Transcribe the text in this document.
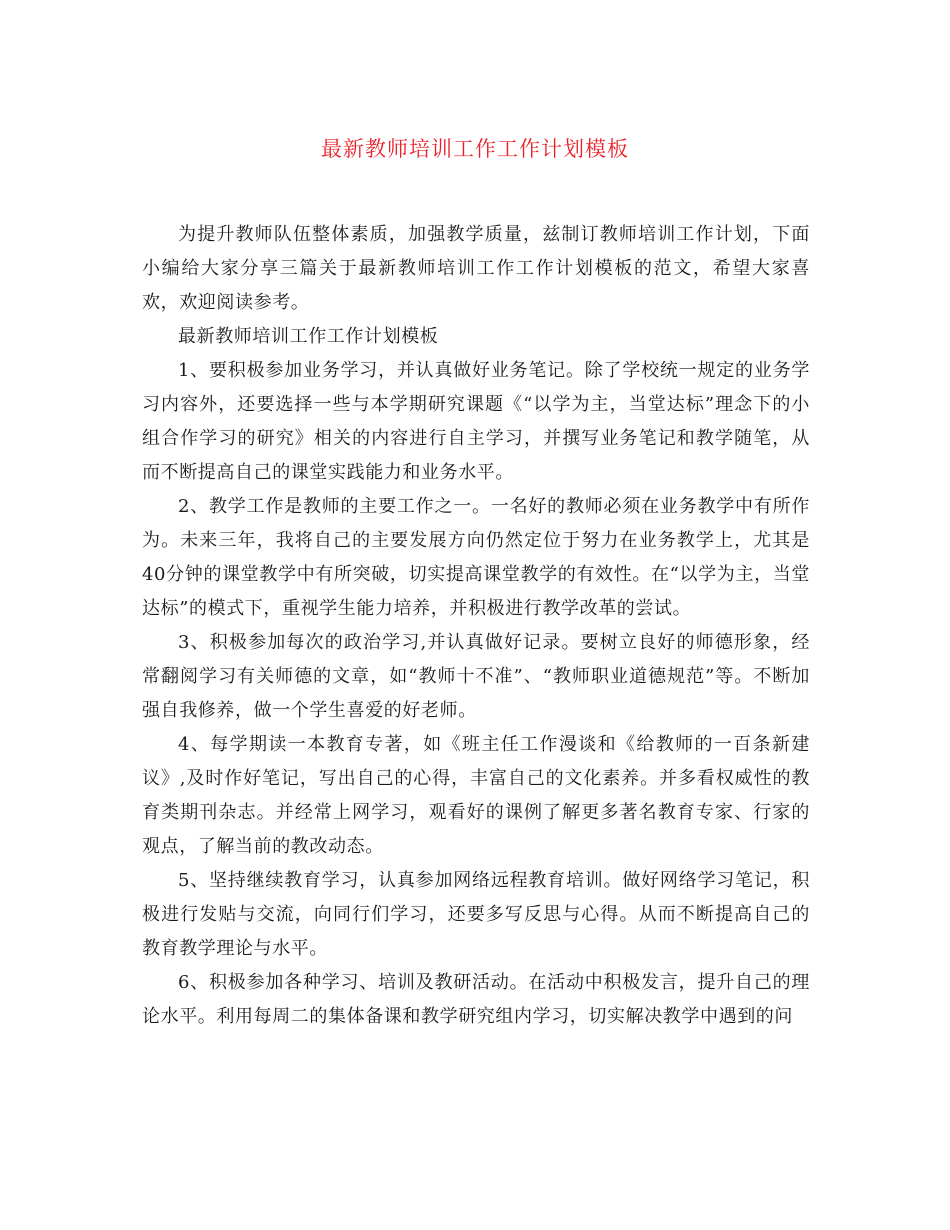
最新教师培训工作工作计划模板

为提升教师队伍整体素质，加强教学质量，兹制订教师培训工作计划，下面小编给大家分享三篇关于最新教师培训工作工作计划模板的范文，希望大家喜欢，欢迎阅读参考。

最新教师培训工作工作计划模板

1、要积极参加业务学习，并认真做好业务笔记。除了学校统一规定的业务学习内容外，还要选择一些与本学期研究课题《“以学为主，当堂达标”理念下的小组合作学习的研究》相关的内容进行自主学习，并撰写业务笔记和教学随笔，从而不断提高自己的课堂实践能力和业务水平。

2、教学工作是教师的主要工作之一。一名好的教师必须在业务教学中有所作为。未来三年，我将自己的主要发展方向仍然定位于努力在业务教学上，尤其是40分钟的课堂教学中有所突破，切实提高课堂教学的有效性。在“以学为主，当堂达标”的模式下，重视学生能力培养，并积极进行教学改革的尝试。

3、积极参加每次的政治学习,并认真做好记录。要树立良好的师德形象，经常翻阅学习有关师德的文章，如“教师十不准”、“教师职业道德规范”等。不断加强自我修养，做一个学生喜爱的好老师。

4、每学期读一本教育专著，如《班主任工作漫谈和《给教师的一百条新建议》,及时作好笔记，写出自己的心得，丰富自己的文化素养。并多看权威性的教育类期刊杂志。并经常上网学习，观看好的课例了解更多著名教育专家、行家的观点，了解当前的教改动态。

5、坚持继续教育学习，认真参加网络远程教育培训。做好网络学习笔记，积极进行发贴与交流，向同行们学习，还要多写反思与心得。从而不断提高自己的教育教学理论与水平。

6、积极参加各种学习、培训及教研活动。在活动中积极发言，提升自己的理论水平。利用每周二的集体备课和教学研究组内学习，切实解决教学中遇到的问
